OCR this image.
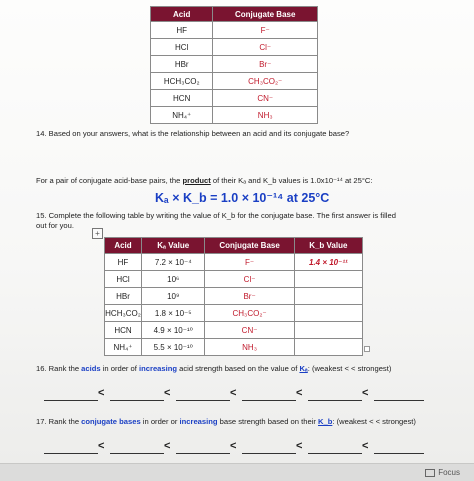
Acid	Conjugate Base
HF	F⁻
HCl	Cl⁻
HBr	Br⁻
HCH₃CO₂	CH₃CO₂⁻
HCN	CN⁻
NH₄⁺	NH₃
14. Based on your answers, what is the relationship between an acid and its conjugate base?
For a pair of conjugate acid-base pairs, the product of their Kₐ and K_b values is 1.0x10⁻¹⁴ at 25°C:
Kₐ × K_b = 1.0 × 10⁻¹⁴ at 25°C
15. Complete the following table by writing the value of K_b for the conjugate base. The first answer is filled
out for you.
+
Acid	Kₐ Value	Conjugate Base	K_b Value
HF	7.2 × 10⁻⁴	F⁻	1.4 × 10⁻¹¹
HCl	10⁶	Cl⁻	
HBr	10⁹	Br⁻	
HCH₃CO₂	1.8 × 10⁻⁵	CH₃CO₂⁻	
HCN	4.9 × 10⁻¹⁰	CN⁻	
NH₄⁺	5.5 × 10⁻¹⁰	NH₃	
16. Rank the acids in order of increasing acid strength based on the value of Kₐ: (weakest < < strongest)
<	<	<	<	<
17. Rank the conjugate bases in order or increasing base strength based on their K_b: (weakest < < strongest)
<	<	<	<	<
Focus
